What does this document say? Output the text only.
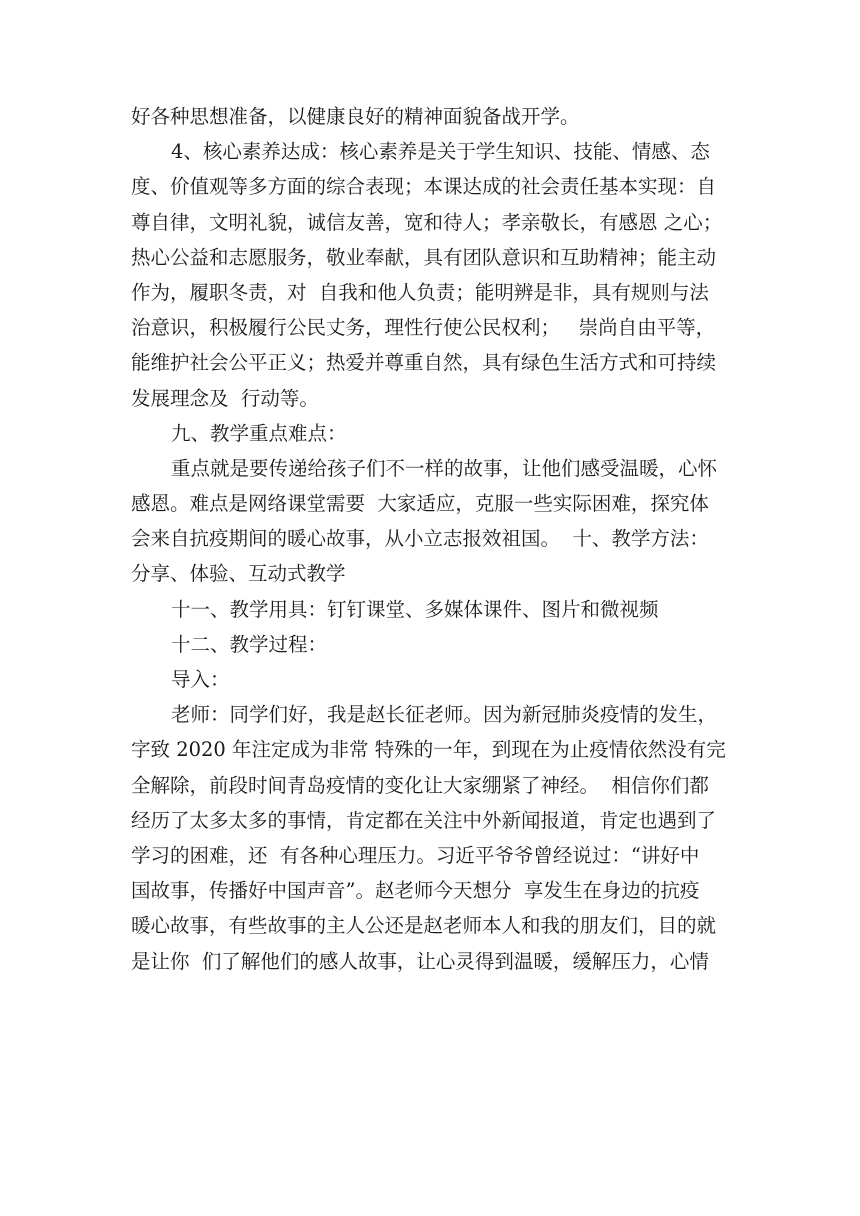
好各种思想准备，以健康良好的精神面貌备战开学。
4、核心素养达成：核心素养是关于学生知识、技能、情感、态
度、价值观等多方面的综合表现；本课达成的社会责任基本实现：自
尊自律，文明礼貌，诚信友善，宽和待人；孝亲敬长，有感恩 之心；
热心公益和志愿服务，敬业奉献，具有团队意识和互助精神；能主动
作为，履职冬责，对  自我和他人负责；能明辨是非，具有规则与法
治意识，积极履行公民丈务，理性行使公民权利；   崇尚自由平等，
能维护社会公平正义；热爱并尊重自然，具有绿色生活方式和可持续
发展理念及  行动等。
九、教学重点难点：
重点就是要传递给孩子们不一样的故事，让他们感受温暖，心怀
感恩。难点是网络课堂需要  大家适应，克服一些实际困难，探究体
会来自抗疫期间的暖心故事，从小立志报效祖国。  十、教学方法：
分享、体验、互动式教学
十一、教学用具：钉钉课堂、多媒体课件、图片和微视频
十二、教学过程：
导入：
老师：同学们好，我是赵长征老师。因为新冠肺炎疫情的发生，
字致 2020 年注定成为非常 特殊的一年，到现在为止疫情依然没有完
全解除，前段时间青岛疫情的变化让大家绷紧了神经。  相信你们都
经历了太多太多的事情，肯定都在关注中外新闻报道，肯定也遇到了
学习的困难，还  有各种心理压力。习近平爷爷曾经说过：“讲好中
国故事，传播好中国声音”。赵老师今天想分  享发生在身边的抗疫
暖心故事，有些故事的主人公还是赵老师本人和我的朋友们，目的就
是让你  们了解他们的感人故事，让心灵得到温暖，缓解压力，心情
